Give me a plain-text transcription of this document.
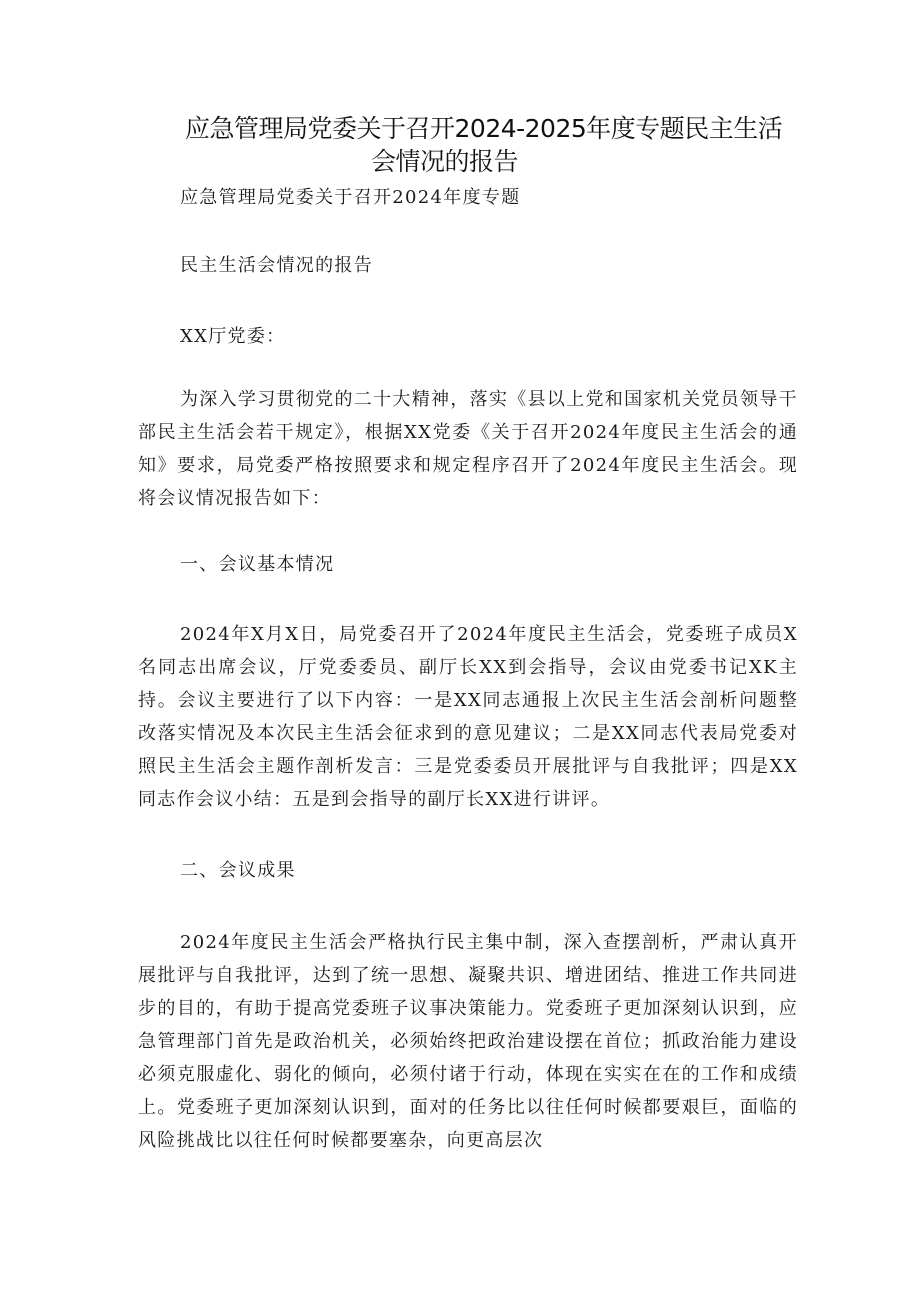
应急管理局党委关于召开2024-2025年度专题民主生活
会情况的报告

应急管理局党委关于召开2024年度专题

民主生活会情况的报告

XX厅党委：

为深入学习贯彻党的二十大精神，落实《县以上党和国家机关党员领导干部民主生活会若干规定》，根据XX党委《关于召开2024年度民主生活会的通知》要求，局党委严格按照要求和规定程序召开了2024年度民主生活会。现将会议情况报告如下：

一、会议基本情况

2024年X月X日，局党委召开了2024年度民主生活会，党委班子成员X名同志出席会议，厅党委委员、副厅长XX到会指导，会议由党委书记XK主持。会议主要进行了以下内容：一是XX同志通报上次民主生活会剖析问题整改落实情况及本次民主生活会征求到的意见建议；二是XX同志代表局党委对照民主生活会主题作剖析发言：三是党委委员开展批评与自我批评；四是XX同志作会议小结：五是到会指导的副厅长XX进行讲评。

二、会议成果

2024年度民主生活会严格执行民主集中制，深入查摆剖析，严肃认真开展批评与自我批评，达到了统一思想、凝聚共识、增进团结、推进工作共同进步的目的，有助于提高党委班子议事决策能力。党委班子更加深刻认识到，应急管理部门首先是政治机关，必须始终把政治建设摆在首位；抓政治能力建设必须克服虚化、弱化的倾向，必须付诸于行动，体现在实实在在的工作和成绩上。党委班子更加深刻认识到，面对的任务比以往任何时候都要艰巨，面临的风险挑战比以往任何时候都要塞杂，向更高层次
